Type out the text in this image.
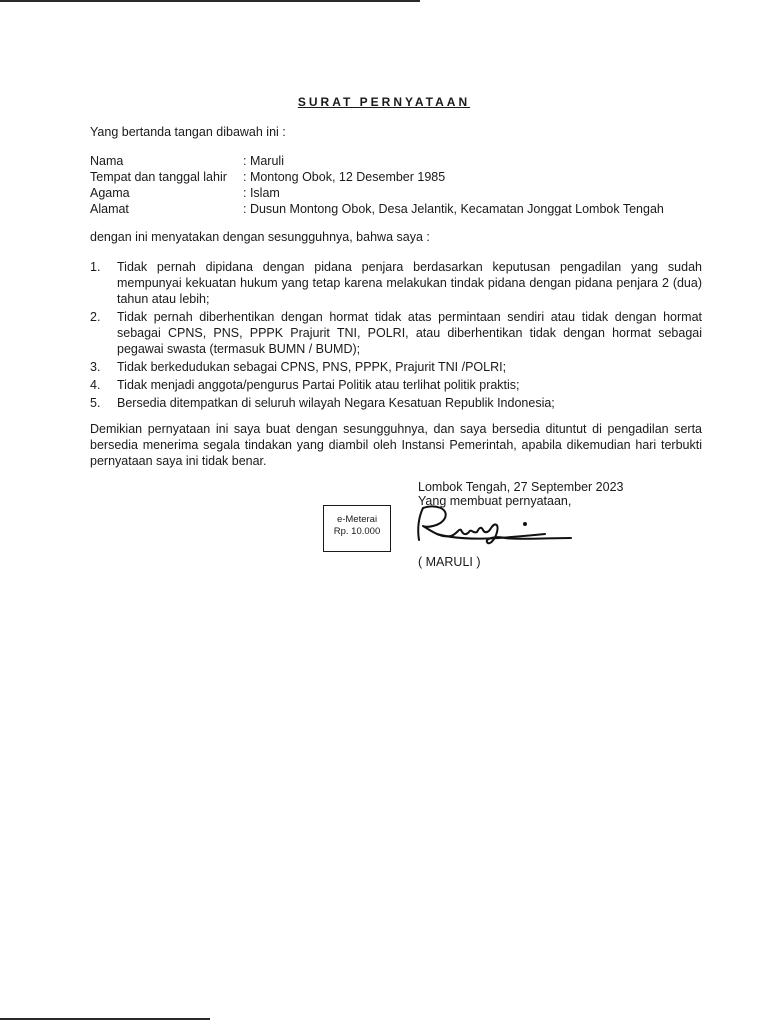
SURAT PERNYATAAN
Yang bertanda tangan dibawah ini :
Nama	: Maruli
Tempat dan tanggal lahir	: Montong Obok, 12 Desember 1985
Agama	: Islam
Alamat	: Dusun Montong Obok, Desa Jelantik, Kecamatan Jonggat Lombok Tengah
dengan ini menyatakan dengan sesungguhnya, bahwa saya :
1.	Tidak pernah dipidana dengan pidana penjara berdasarkan keputusan pengadilan yang sudah mempunyai kekuatan hukum yang tetap karena melakukan tindak pidana dengan pidana penjara 2 (dua) tahun atau lebih;
2.	Tidak pernah diberhentikan dengan hormat tidak atas permintaan sendiri atau tidak dengan hormat sebagai CPNS, PNS, PPPK Prajurit TNI, POLRI, atau diberhentikan tidak dengan hormat sebagai pegawai swasta (termasuk BUMN / BUMD);
3.	Tidak berkedudukan sebagai CPNS, PNS, PPPK, Prajurit TNI /POLRI;
4.	Tidak menjadi anggota/pengurus Partai Politik atau terlihat politik praktis;
5.	Bersedia ditempatkan di seluruh wilayah Negara Kesatuan Republik Indonesia;
Demikian pernyataan ini saya buat dengan sesungguhnya, dan saya bersedia dituntut di pengadilan serta bersedia menerima segala tindakan yang diambil oleh Instansi Pemerintah, apabila dikemudian hari terbukti pernyataan saya ini tidak benar.
Lombok Tengah, 27 September 2023
Yang membuat pernyataan,
e-Meterai
Rp. 10.000
( MARULI )
